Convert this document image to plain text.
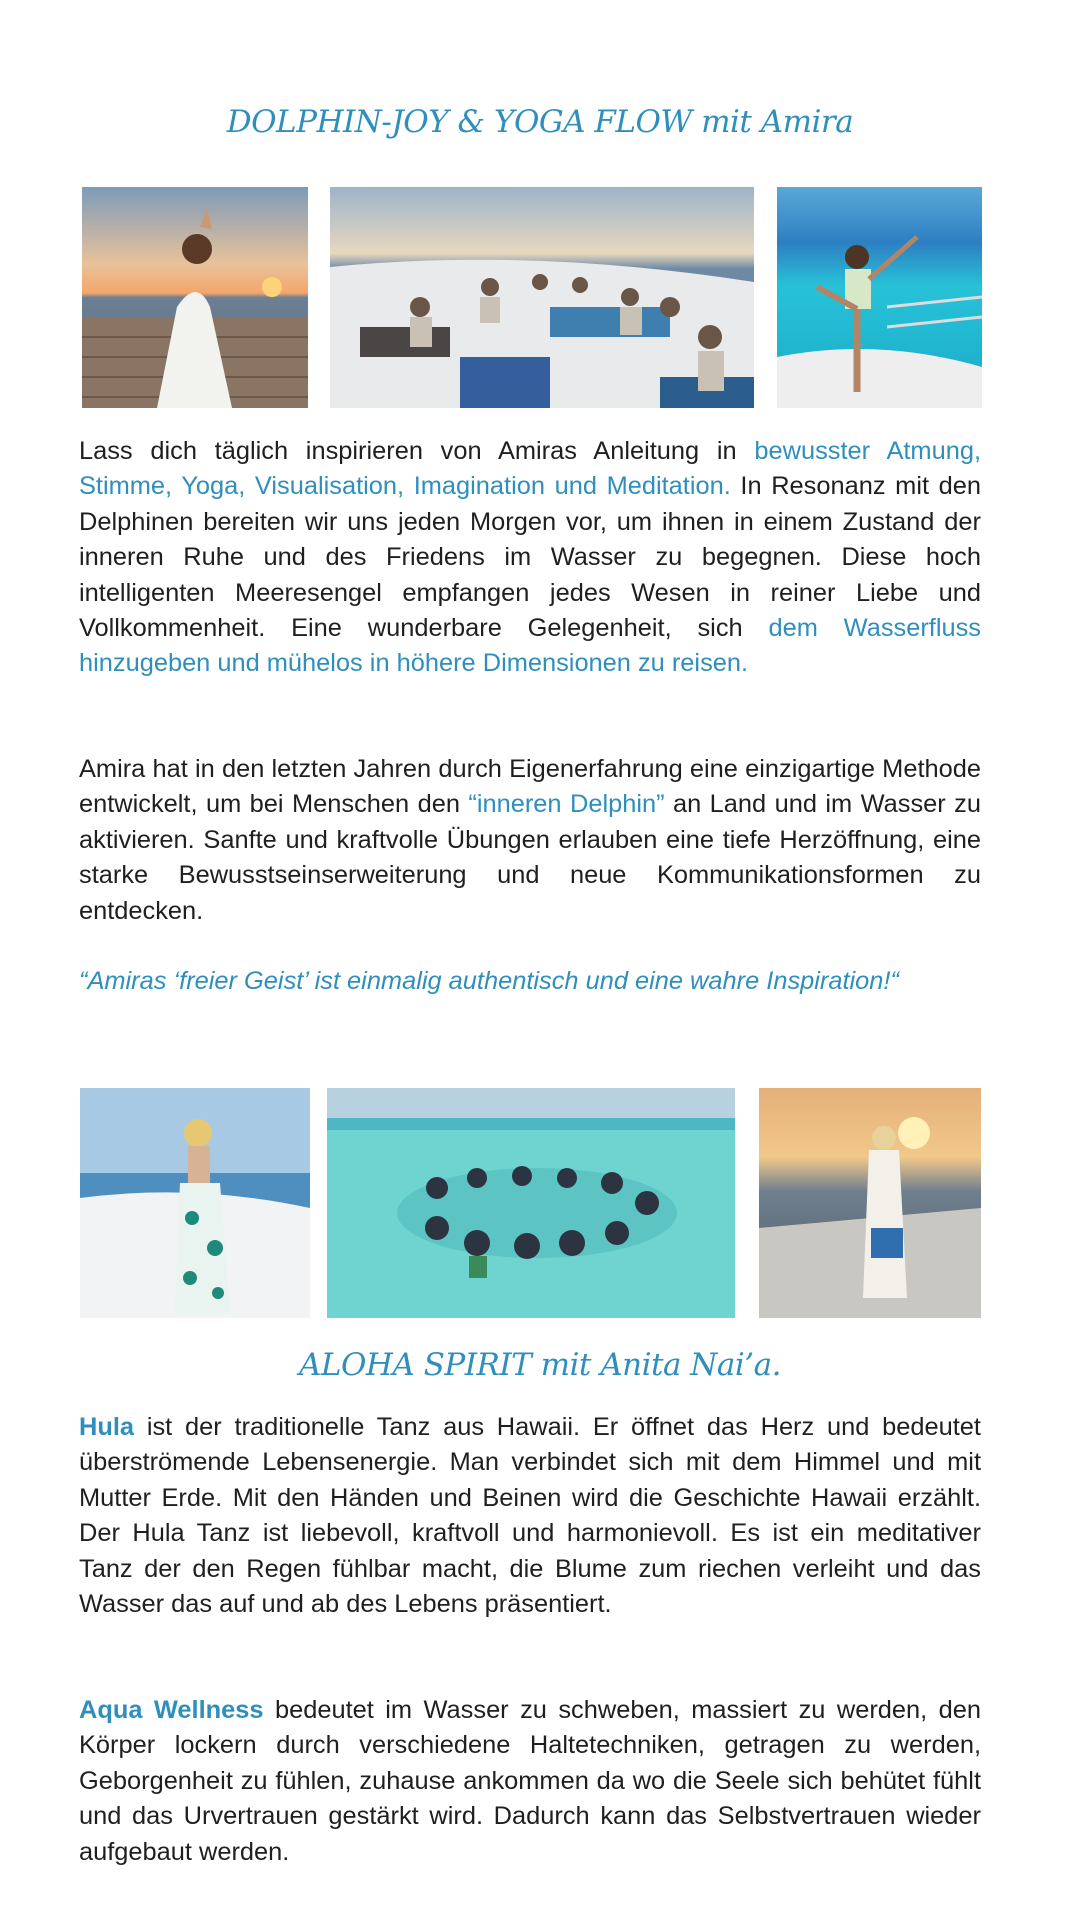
DOLPHIN-JOY & YOGA FLOW mit Amira
Lass dich täglich inspirieren von Amiras Anleitung in bewusster Atmung, Stimme, Yoga, Visualisation, Imagination und Meditation. In Resonanz mit den Delphinen bereiten wir uns jeden Morgen vor, um ihnen in einem Zustand der inneren Ruhe und des Friedens im Wasser zu begegnen. Diese hoch intelligenten Meeresengel empfangen jedes Wesen in reiner Liebe und Vollkommenheit. Eine wunderbare Gelegenheit, sich dem Wasserfluss hinzugeben und mühelos in höhere Dimensionen zu reisen.
Amira hat in den letzten Jahren durch Eigenerfahrung eine einzigartige Methode entwickelt, um bei Menschen den “inneren Delphin” an Land und im Wasser zu aktivieren. Sanfte und kraftvolle Übungen erlauben eine tiefe Herzöffnung, eine starke Bewusstseinserweiterung und neue Kommunikationsformen zu entdecken.
“Amiras ‘freier Geist’ ist einmalig authentisch und eine wahre Inspiration!“
ALOHA SPIRIT mit Anita Nai’a.
Hula ist der traditionelle Tanz aus Hawaii. Er öffnet das Herz und bedeutet überströmende Lebensenergie. Man verbindet sich mit dem Himmel und mit Mutter Erde. Mit den Händen und Beinen wird die Geschichte Hawaii erzählt. Der Hula Tanz ist liebevoll, kraftvoll und harmonievoll. Es ist ein meditativer Tanz der den Regen fühlbar macht, die Blume zum riechen verleiht und das Wasser das auf und ab des Lebens präsentiert.
Aqua Wellness bedeutet im Wasser zu schweben, massiert zu werden, den Körper lockern durch verschiedene Haltetechniken, getragen zu werden, Geborgenheit zu fühlen, zuhause ankommen da wo die Seele sich behütet fühlt und das Urvertrauen gestärkt wird. Dadurch kann das Selbstvertrauen wieder aufgebaut werden.
